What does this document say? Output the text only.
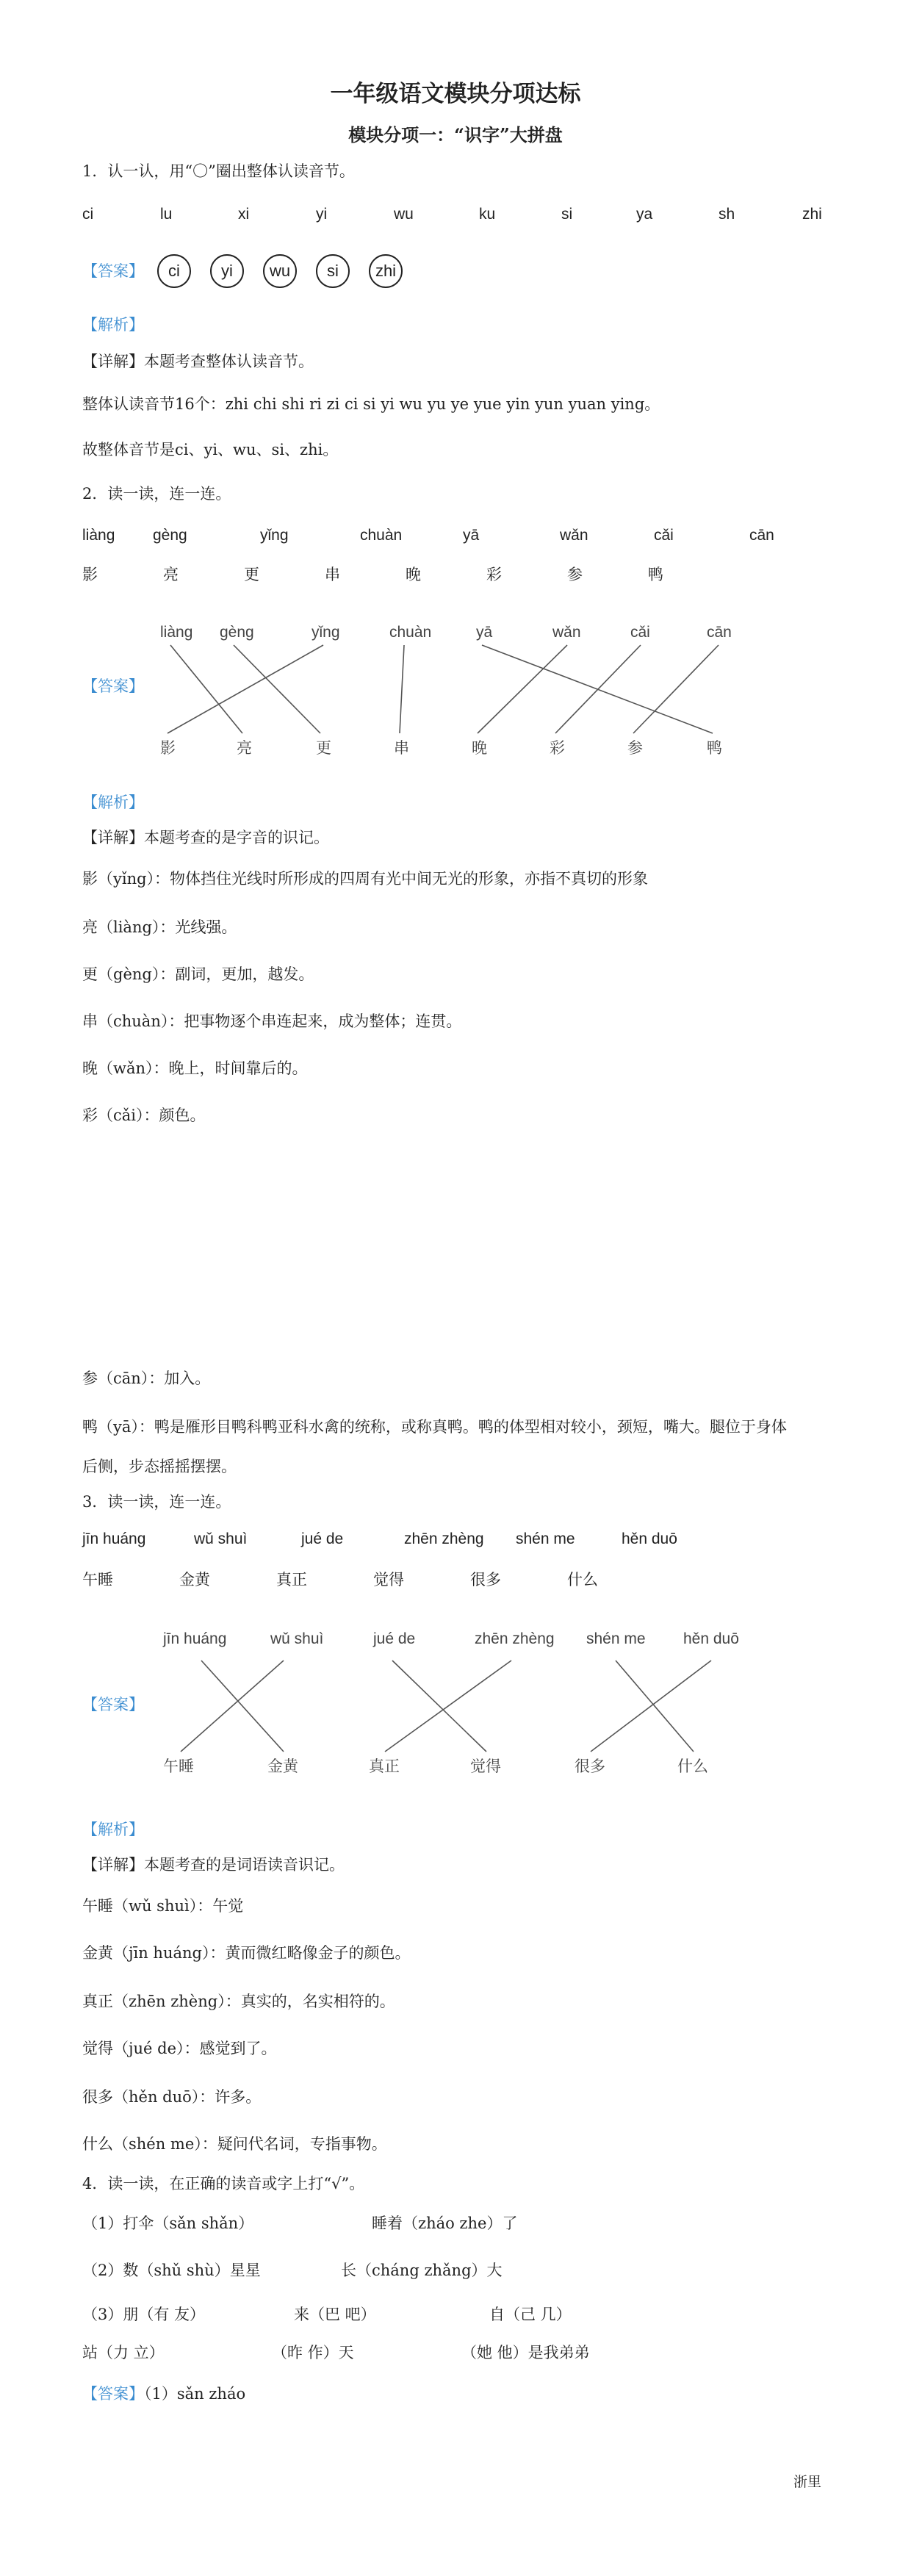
一年级语文模块分项达标
模块分项一：“识字”大拼盘
1．认一认，用“〇”圈出整体认读音节。
ci	lu	xi	yi	wu	ku	si	ya	sh	zhi
【答案】	ci	yi	wu	si	zhi
【解析】
【详解】本题考查整体认读音节。
整体认读音节16个：zhi chi shi ri zi ci si yi wu yu ye yue yin yun yuan ying。
故整体音节是ci、yi、wu、si、zhi。
2．读一读，连一连。
liàng gèng	yǐng	chuàn	yā	wǎn	cǎi	cān
影	亮	更	串	晚	彩	参	鸭
【答案】
liàng gèng	yǐng	chuàn	yā	wǎn	cǎi	cān
影	亮	更	串	晚	彩	参	鸭
【解析】
【详解】本题考查的是字音的识记。
影（yǐng）：物体挡住光线时所形成的四周有光中间无光的形象，亦指不真切的形象
亮（liàng）：光线强。
更（gèng）：副词，更加，越发。
串（chuàn）：把事物逐个串连起来，成为整体；连贯。
晚（wǎn）：晚上，时间靠后的。
彩（cǎi）：颜色。
参（cān）：加入。
鸭（yā）：鸭是雁形目鸭科鸭亚科水禽的统称，或称真鸭。鸭的体型相对较小，颈短，嘴大。腿位于身体
后侧，步态摇摇摆摆。
3．读一读，连一连。
jīn huáng	wǔ shuì	jué de	zhēn zhèng shén me	hěn duō
午睡	金黄	真正	觉得	很多	什么
jīn huáng	wǔ shuì	jué de	zhēn zhèng shén me hěn duō
午睡	金黄	真正	觉得	很多	什么
【答案】
【解析】
【详解】本题考查的是词语读音识记。
午睡（wǔ shuì）：午觉
金黄（jīn huáng）：黄而微红略像金子的颜色。
真正（zhēn zhèng）：真实的，名实相符的。
觉得（jué de）：感觉到了。
很多（hěn duō）：许多。
什么（shén me）：疑问代名词，专指事物。
4．读一读，在正确的读音或字上打“√”。
（1）打伞（sǎn shǎn）	睡着（zháo zhe）了
（2）数（shǔ shù）星星	长（cháng zhǎng）大
（3）朋（有 友）	来（巴 吧）	自（己 几）
站（力 立）	（昨 作）天	（她 他）是我弟弟
【答案】（1）sǎn zháo
浙里
